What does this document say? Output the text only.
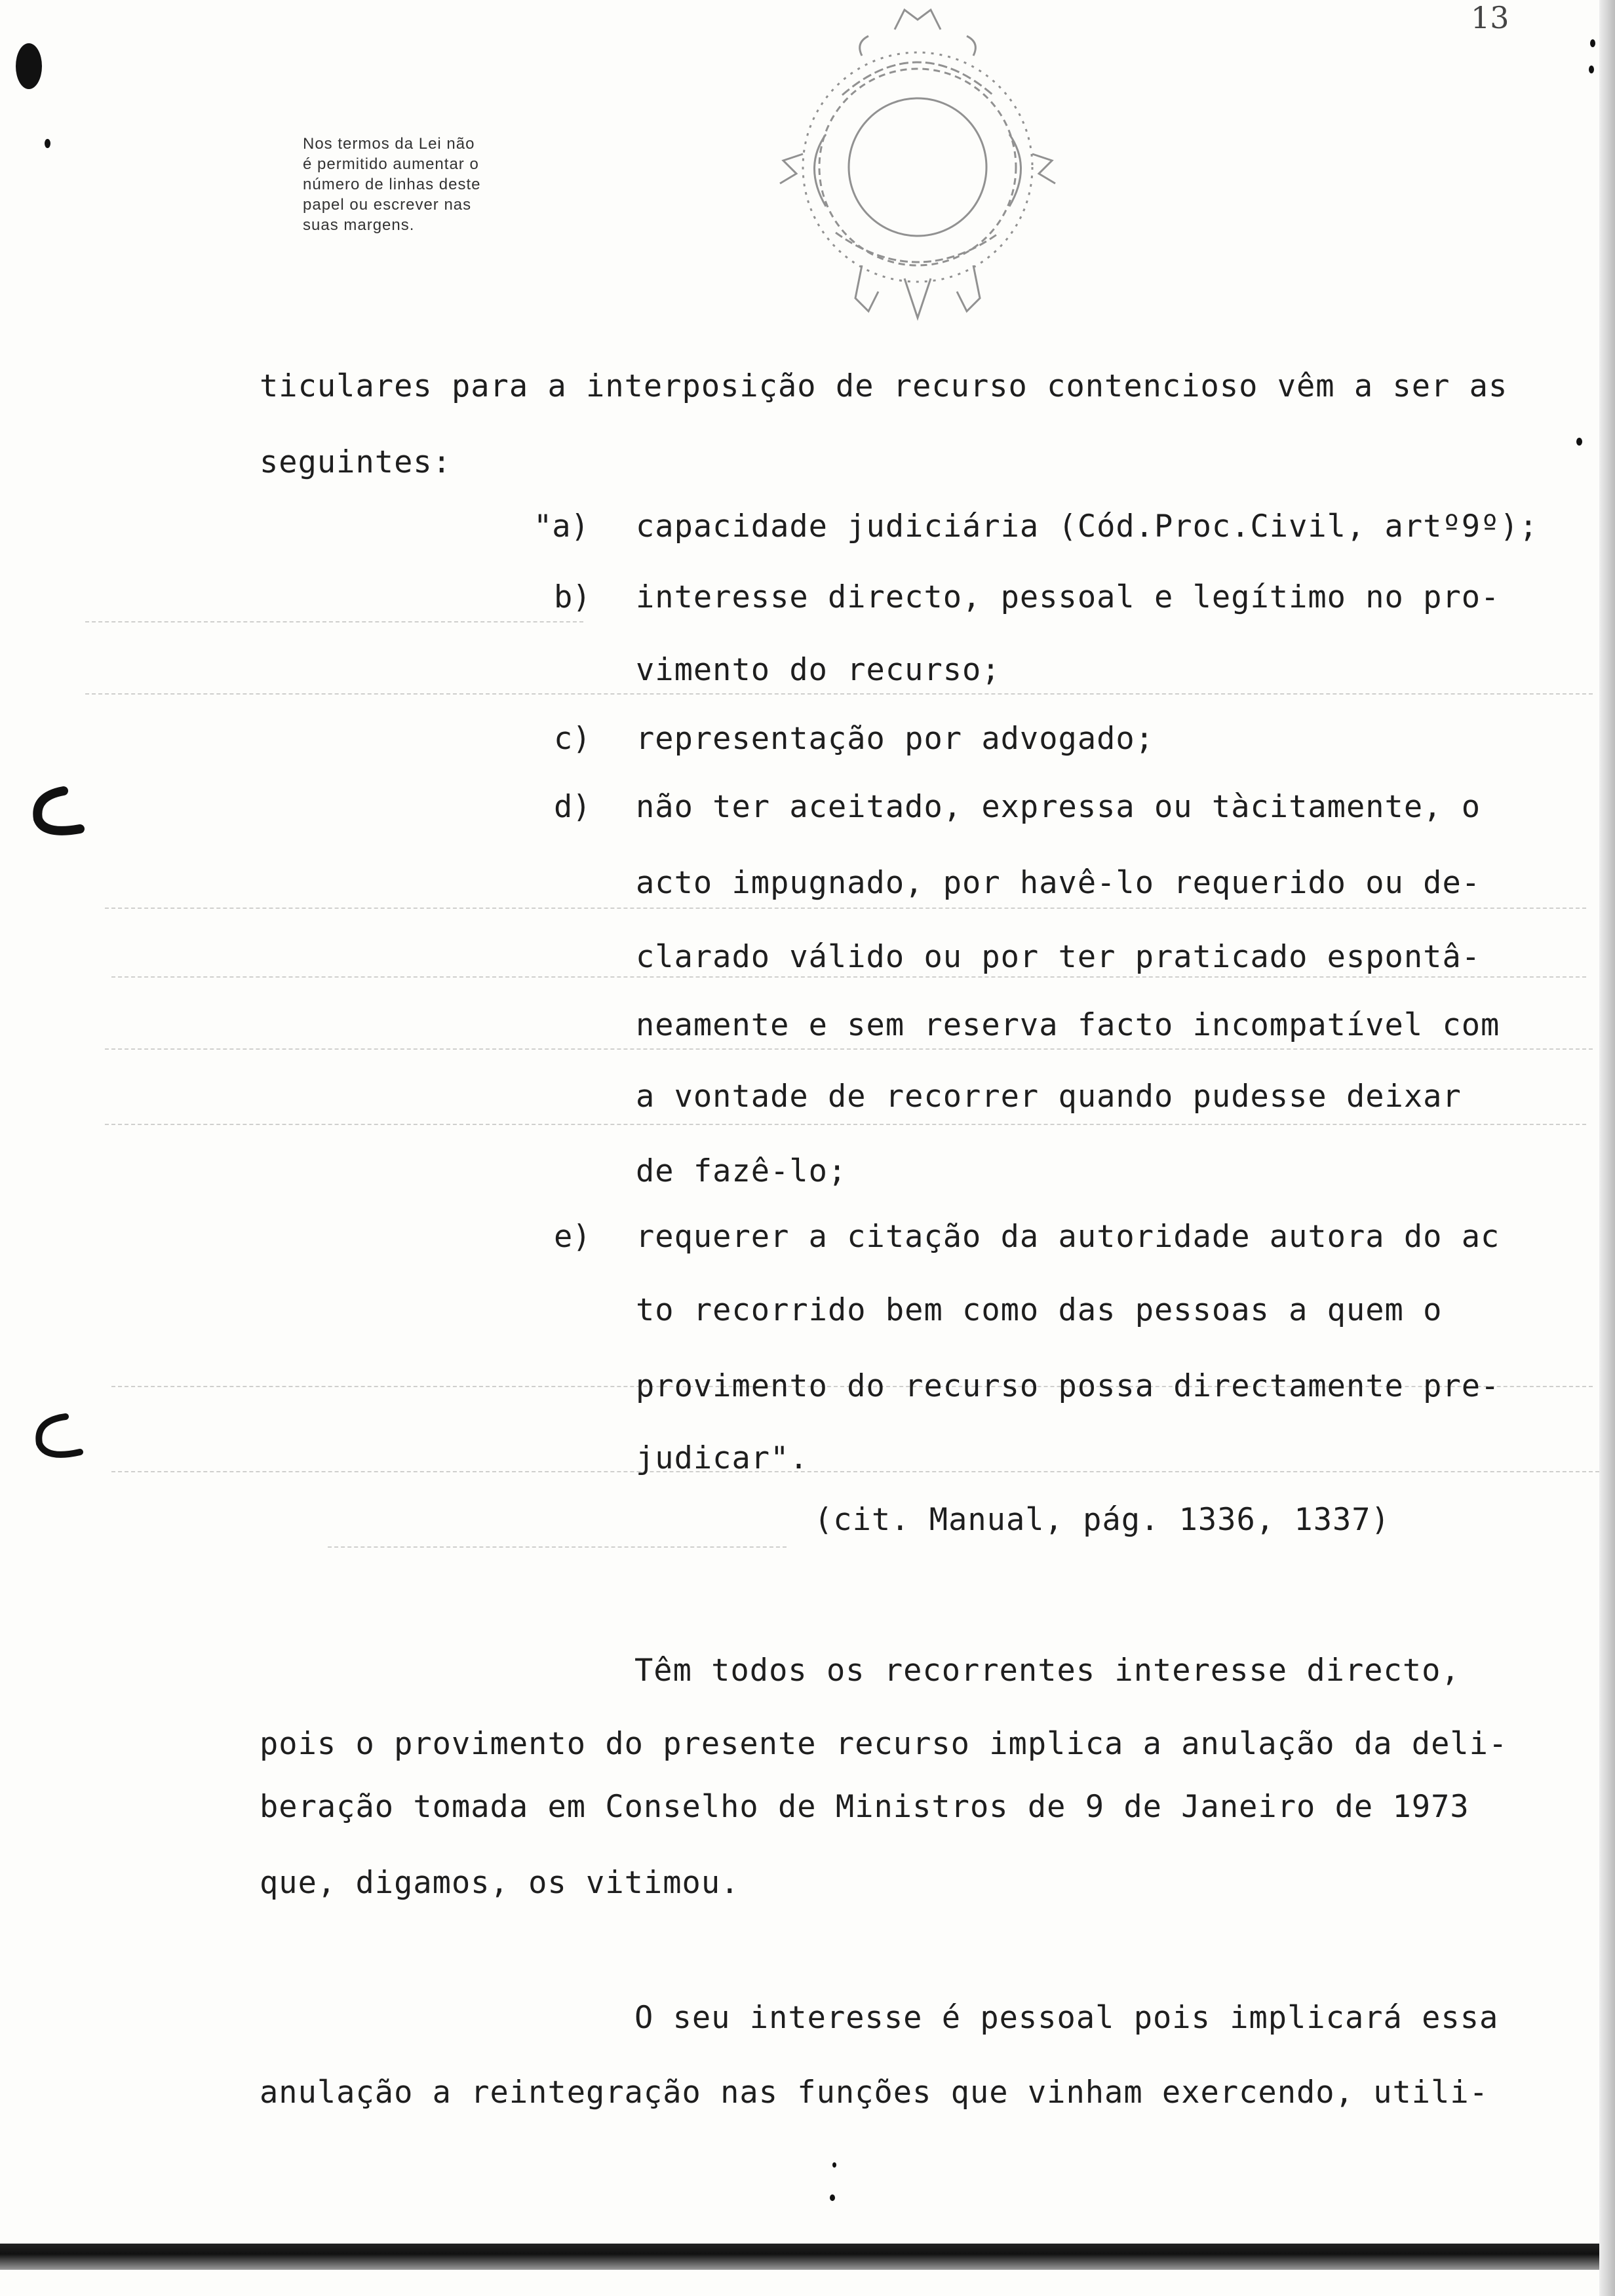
13
Nos termos da Lei não
é permitido aumentar o
número de linhas deste
papel ou escrever nas
suas margens.
ticulares para a interposição de recurso contencioso vêm a ser as
seguintes:
"a) capacidade judiciária (Cód.Proc.Civil, artº9º);
b) interesse directo, pessoal e legítimo no pro-
vimento do recurso;
c) representação por advogado;
d) não ter aceitado, expressa ou tàcitamente, o
acto impugnado, por havê-lo requerido ou de-
clarado válido ou por ter praticado espontâ-
neamente e sem reserva facto incompatível com
a vontade de recorrer quando pudesse deixar
de fazê-lo;
e) requerer a citação da autoridade autora do ac
to recorrido bem como das pessoas a quem o
provimento do recurso possa directamente pre-
judicar".
(cit. Manual, pág. 1336, 1337)
Têm todos os recorrentes interesse directo,
pois o provimento do presente recurso implica a anulação da deli-
beração tomada em Conselho de Ministros de 9 de Janeiro de 1973
que, digamos, os vitimou.
O seu interesse é pessoal pois implicará essa
anulação a reintegração nas funções que vinham exercendo, utili-
